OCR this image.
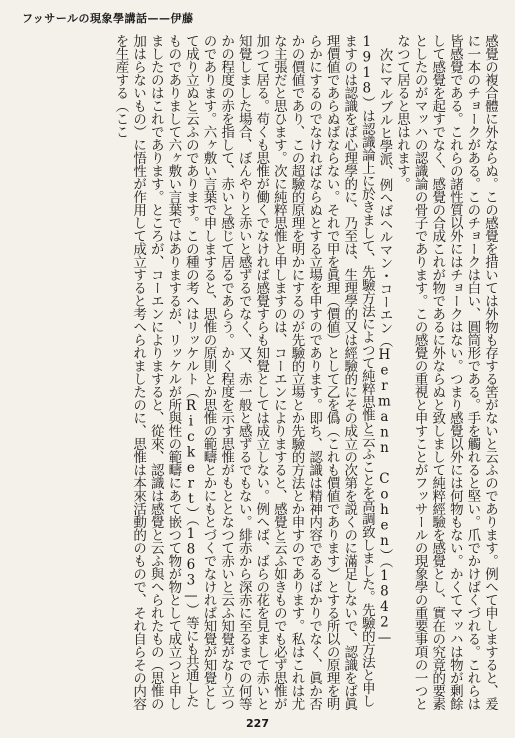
フッサールの現象學講話——伊藤

感覺の複合體に外ならぬ。この感覺を措いては外物も存する筈がないと云ふのであります。例へて申しますると、爰に一本のチョークがある。このチョークは白い、圓筒形である。手を觸れると堅い。爪でかけばくづれる。これらは皆感覺である。これらの諸性質以外にはチョークはない。つまり感覺以外には何物もない。かくてマッハは物が剰餘して感覺を起すでなく、感覺の合成これが物であるに外ならぬと致しまして純粹經驗を感覺とし、實在の究竟的要素としたのがマッハの認識論の骨子であります。この感覺の重視と申すことがフッサールの現象學の重要事項の一つとなつて居ると思はれます。

次にマルブルヒ學派、例へばヘルマン・コーエン（Hermann Cohen）（1842—1918）は認識論上に於きまして、先驗方法によつて純粹思惟と云ふことを高調致しました。先驗的方法と申しますのは認識をば心理學的に、乃至は、生理學的又は經驗的にその成立の次第を説くのに滿足しないで、認識をば眞理價値であらぬばならない。それで甲を眞理（價値）として乙を僞（これも價値であります）とする所以の原理を明らかにするのでなければならぬとする立場を申すのであります。即ち、認識は精神内容であるばかりでなく、眞か否かの價値であり、この超驗的原理を明かにするのが先驗的立場とか先驗的方法とか申すのであります。私はこれは尤な主張だと思ひます。次に純粹思惟と申しますのは、コーエンによりますると、感覺と云ふ如きものでも必ず思惟が加つて居る。苟くも思惟が働くでなければ感覺すらも知覺としては成立しない。例へば、ばらの花を見まして赤いと知覺しました場合、ぼんやりと赤いと感ずるでなく、又、赤一般と感ずるでもない。緋赤から深赤に至るまでの何等かの程度の赤を指して、赤いと感じて居るであらう。かく程度を示す思惟がもととなつて赤いと云ふ知覺がなり立つのであります。六ヶ敷い言葉で申しますると、思惟の原則とか思惟の範疇とかにもとづくでなければ知覺が知覺として成り立ぬと云ふのであります。この種の考へはリッケルト（Rickert）（1863—）等にも共通したものでありまして六ヶ敷い言葉ではありまするが、リッケルが所與性の範疇にあて嵌つて物が物として成立つと申しましたのはこれであります。ところが、コーエンによりますると、從來、認識は感覺と云ふ與へられたもの（思惟の加はらないもの）に悟性が作用して成立すると考へられましたのに、思惟は本來活動的のもので、それ自らその内容を生産する（ここ

227
